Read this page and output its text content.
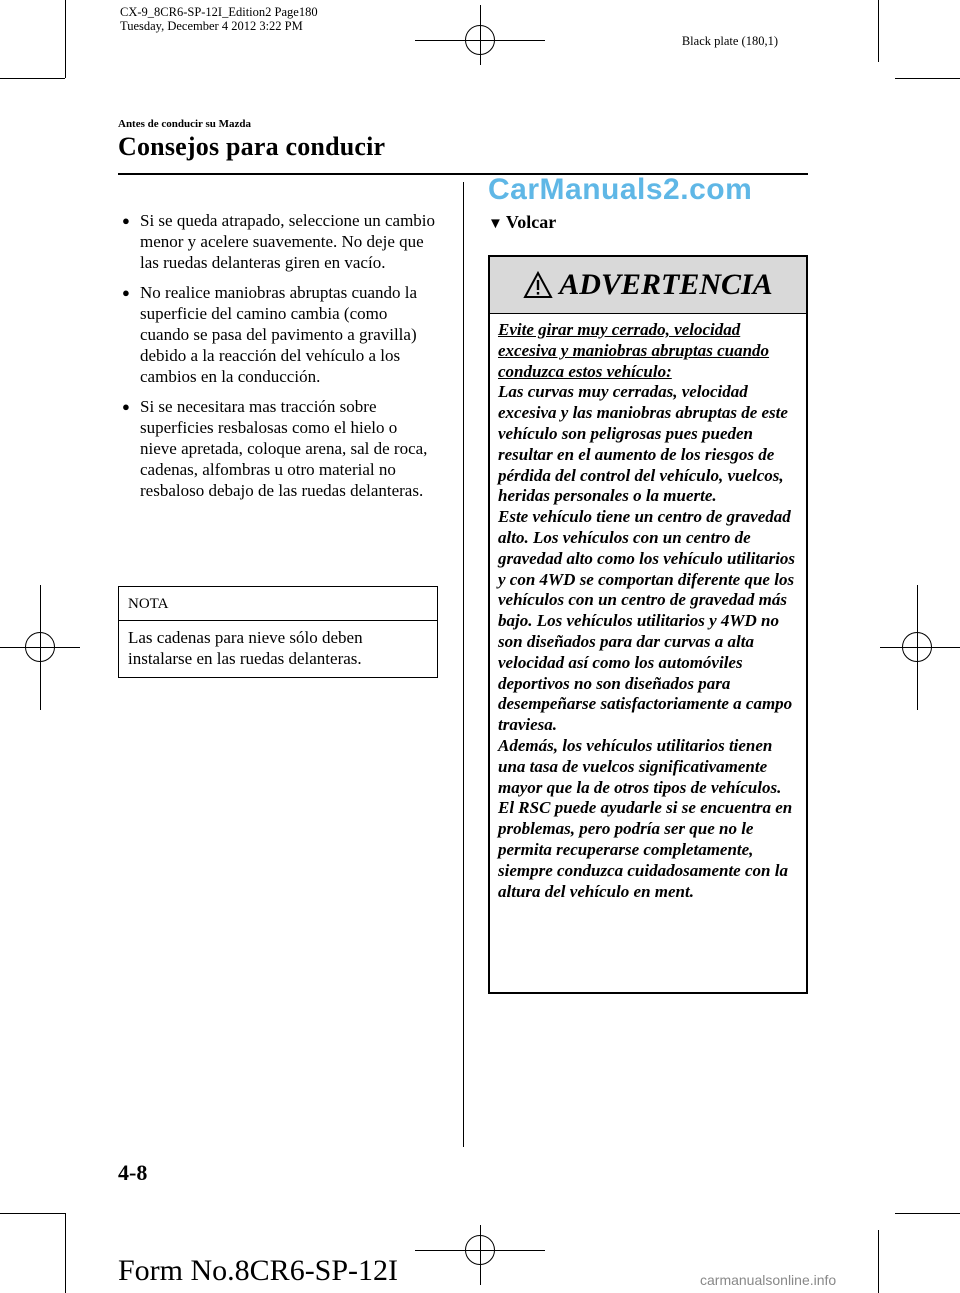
CX-9_8CR6-SP-12I_Edition2 Page180
Tuesday, December 4 2012 3:22 PM
Black plate (180,1)
Antes de conducir su Mazda
Consejos para conducir
CarManuals2.com
● Si se queda atrapado, seleccione un cambio menor y acelere suavemente. No deje que las ruedas delanteras giren en vacío.
● No realice maniobras abruptas cuando la superficie del camino cambia (como cuando se pasa del pavimento a gravilla) debido a la reacción del vehículo a los cambios en la conducción.
● Si se necesitara mas tracción sobre superficies resbalosas como el hielo o nieve apretada, coloque arena, sal de roca, cadenas, alfombras u otro material no resbaloso debajo de las ruedas delanteras.
NOTA
Las cadenas para nieve sólo deben instalarse en las ruedas delanteras.
▼ Volcar
ADVERTENCIA
Evite girar muy cerrado, velocidad excesiva y maniobras abruptas cuando conduzca estos vehículo:
Las curvas muy cerradas, velocidad excesiva y las maniobras abruptas de este vehículo son peligrosas pues pueden resultar en el aumento de los riesgos de pérdida del control del vehículo, vuelcos, heridas personales o la muerte.
Este vehículo tiene un centro de gravedad alto. Los vehículos con un centro de gravedad alto como los vehículo utilitarios y con 4WD se comportan diferente que los vehículos con un centro de gravedad más bajo. Los vehículos utilitarios y 4WD no son diseñados para dar curvas a alta velocidad así como los automóviles deportivos no son diseñados para desempeñarse satisfactoriamente a campo traviesa.
Además, los vehículos utilitarios tienen una tasa de vuelcos significativamente mayor que la de otros tipos de vehículos.
El RSC puede ayudarle si se encuentra en problemas, pero podría ser que no le permita recuperarse completamente, siempre conduzca cuidadosamente con la altura del vehículo en ment.
4-8
Form No.8CR6-SP-12I	carmanualsonline.info
